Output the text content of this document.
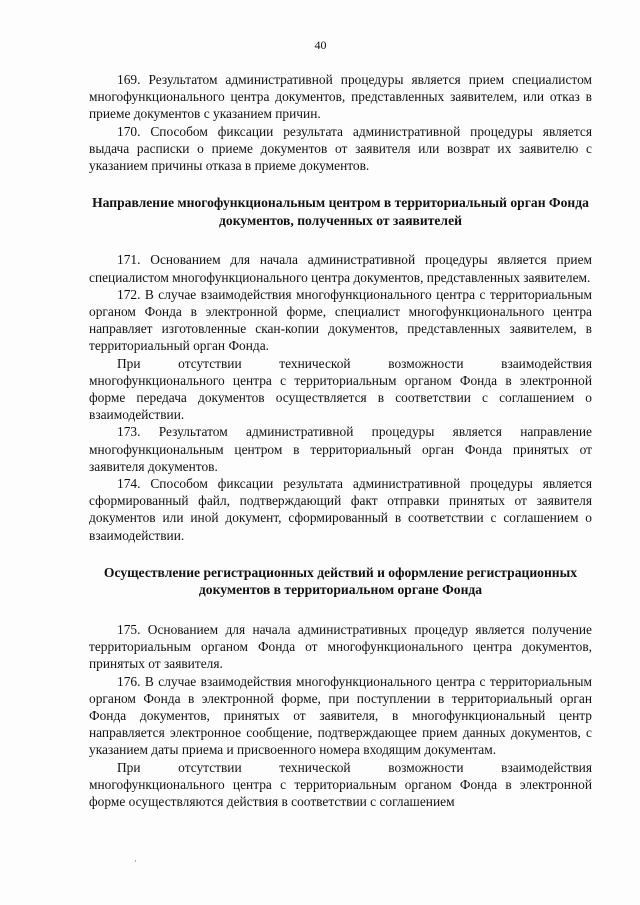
40

169. Результатом административной процедуры является прием специалистом многофункционального центра документов, представленных заявителем, или отказ в приеме документов с указанием причин.

170. Способом фиксации результата административной процедуры является выдача расписки о приеме документов от заявителя или возврат их заявителю с указанием причины отказа в приеме документов.

Направление многофункциональным центром в территориальный орган Фонда документов, полученных от заявителей

171. Основанием для начала административной процедуры является прием специалистом многофункционального центра документов, представленных заявителем.

172. В случае взаимодействия многофункционального центра с территориальным органом Фонда в электронной форме, специалист многофункционального центра направляет изготовленные скан-копии документов, представленных заявителем, в территориальный орган Фонда.

При отсутствии технической возможности взаимодействия многофункционального центра с территориальным органом Фонда в электронной форме передача документов осуществляется в соответствии с соглашением о взаимодействии.

173. Результатом административной процедуры является направление многофункциональным центром в территориальный орган Фонда принятых от заявителя документов.

174. Способом фиксации результата административной процедуры является сформированный файл, подтверждающий факт отправки принятых от заявителя документов или иной документ, сформированный в соответствии с соглашением о взаимодействии.

Осуществление регистрационных действий и оформление регистрационных документов в территориальном органе Фонда

175. Основанием для начала административных процедур является получение территориальным органом Фонда от многофункционального центра документов, принятых от заявителя.

176. В случае взаимодействия многофункционального центра с территориальным органом Фонда в электронной форме, при поступлении в территориальный орган Фонда документов, принятых от заявителя, в многофункциональный центр направляется электронное сообщение, подтверждающее прием данных документов, с указанием даты приема и присвоенного номера входящим документам.

При отсутствии технической возможности взаимодействия многофункционального центра с территориальным органом Фонда в электронной форме осуществляются действия в соответствии с соглашением
